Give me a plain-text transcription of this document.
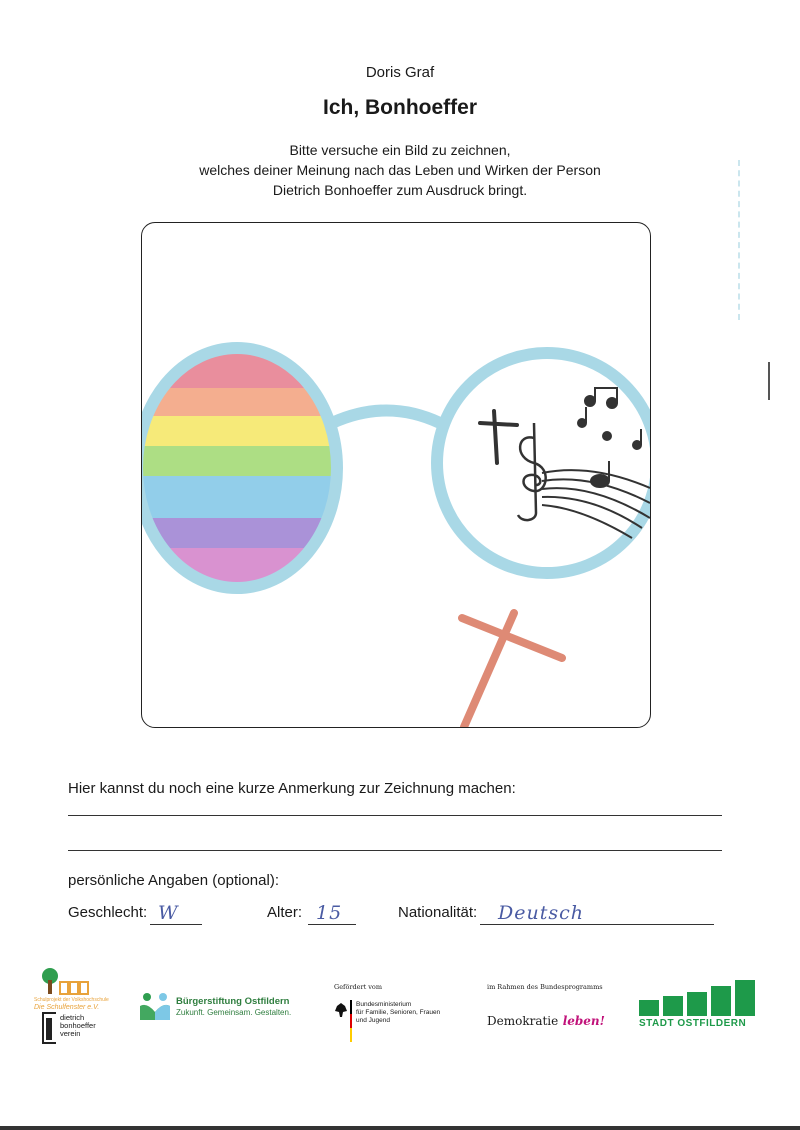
Doris Graf
Ich, Bonhoeffer
Bitte versuche ein Bild zu zeichnen,
welches deiner Meinung nach das Leben und Wirken der Person
Dietrich Bonhoeffer zum Ausdruck bringt.
Hier kannst du noch eine kurze Anmerkung zur Zeichnung machen:
persönliche Angaben (optional):
Geschlecht: W	Alter: 15	Nationalität: Deutsch
Schulprojekt der Volkshochschule
Die Schulfenster e.V.
dietrich
bonhoeffer
verein
Bürgerstiftung Ostfildern
Zukunft. Gemeinsam. Gestalten.
Gefördert vom
Bundesministerium
für Familie, Senioren, Frauen
und Jugend
im Rahmen des Bundesprogramms
Demokratie leben!	STADT OSTFILDERN
